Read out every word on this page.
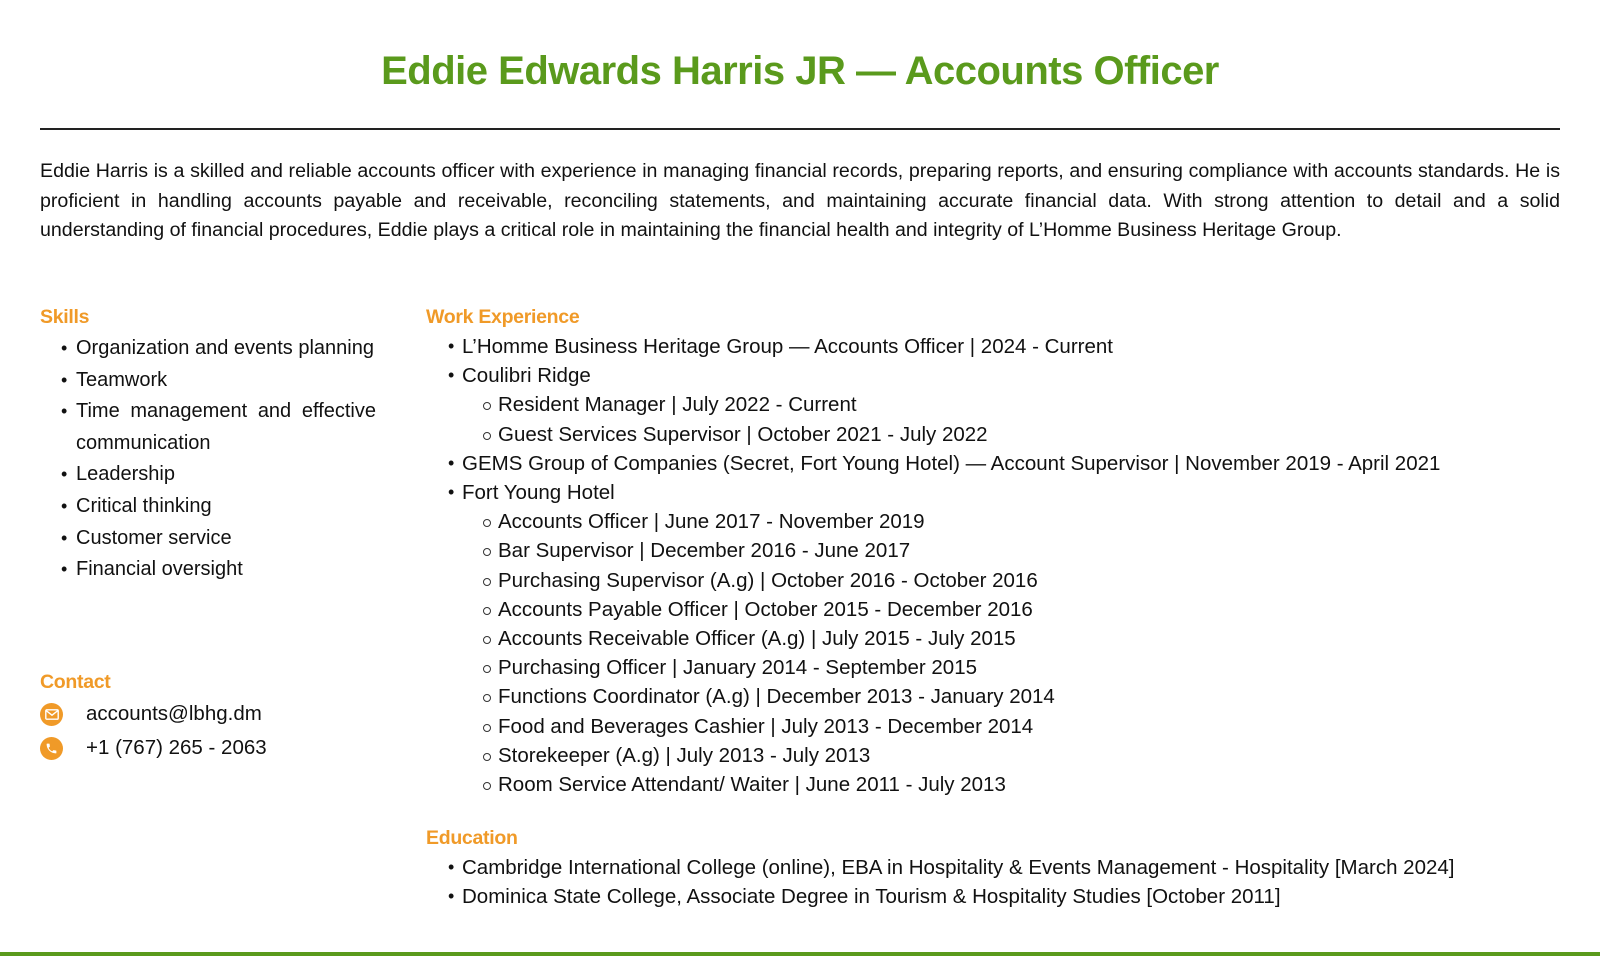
Eddie Edwards Harris JR — Accounts Officer

Eddie Harris is a skilled and reliable accounts officer with experience in managing financial records, preparing reports, and ensuring compliance with accounts standards. He is proficient in handling accounts payable and receivable, reconciling statements, and maintaining accurate financial data. With strong attention to detail and a solid understanding of financial procedures, Eddie plays a critical role in maintaining the financial health and integrity of L’Homme Business Heritage Group.

Skills
• Organization and events planning
• Teamwork
• Time management and effective communication
• Leadership
• Critical thinking
• Customer service
• Financial oversight
Contact
accounts@lbhg.dm
+1 (767) 265 - 2063
Work Experience
• L’Homme Business Heritage Group — Accounts Officer | 2024 - Current
• Coulibri Ridge
Resident Manager | July 2022 - Current
Guest Services Supervisor | October 2021 - July 2022
• GEMS Group of Companies (Secret, Fort Young Hotel) — Account Supervisor | November 2019 - April 2021
• Fort Young Hotel
Accounts Officer | June 2017 - November 2019
Bar Supervisor | December 2016 - June 2017
Purchasing Supervisor (A.g) | October 2016 - October 2016
Accounts Payable Officer | October 2015 - December 2016
Accounts Receivable Officer (A.g) | July 2015 - July 2015
Purchasing Officer | January 2014 - September 2015
Functions Coordinator (A.g) | December 2013 - January 2014
Food and Beverages Cashier | July 2013 - December 2014
Storekeeper (A.g) | July 2013 - July 2013
Room Service Attendant/ Waiter | June 2011 - July 2013
Education
• Cambridge International College (online), EBA in Hospitality & Events Management - Hospitality [March 2024]
• Dominica State College, Associate Degree in Tourism & Hospitality Studies [October 2011]
